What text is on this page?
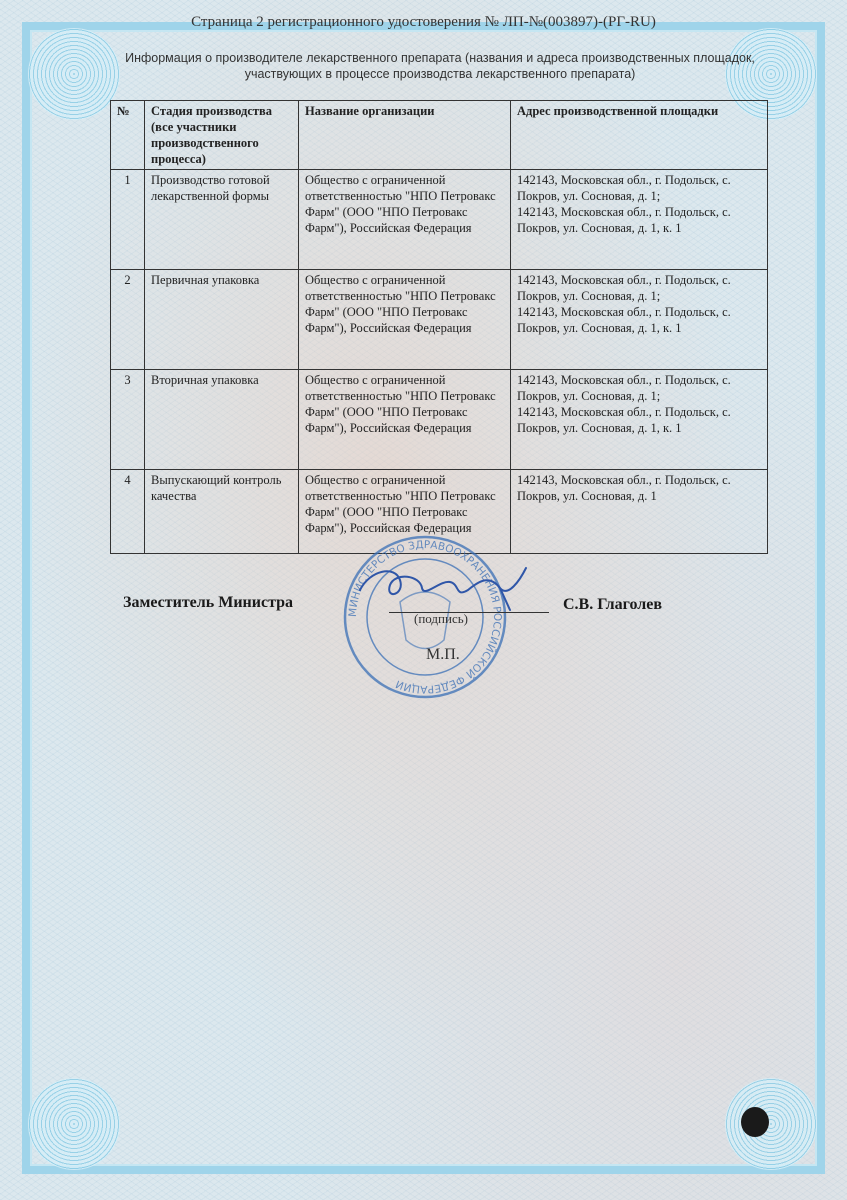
Страница 2 регистрационного удостоверения № ЛП-№(003897)-(РГ-RU)
Информация о производителе лекарственного препарата (названия и адреса производственных площадок,
участвующих в процессе производства лекарственного препарата)
№	Стадия производства (все участники производственного процесса)	Название организации	Адрес производственной площадки
1	Производство готовой лекарственной формы	Общество с ограниченной ответственностью "НПО Петровакс Фарм" (ООО "НПО Петровакс Фарм"), Российская Федерация	142143, Московская обл., г. Подольск, с. Покров, ул. Сосновая, д. 1;
142143, Московская обл., г. Подольск, с. Покров, ул. Сосновая, д. 1, к. 1

2	Первичная упаковка	Общество с ограниченной ответственностью "НПО Петровакс Фарм" (ООО "НПО Петровакс Фарм"), Российская Федерация	142143, Московская обл., г. Подольск, с. Покров, ул. Сосновая, д. 1;
142143, Московская обл., г. Подольск, с. Покров, ул. Сосновая, д. 1, к. 1

3	Вторичная упаковка	Общество с ограниченной ответственностью "НПО Петровакс Фарм" (ООО "НПО Петровакс Фарм"), Российская Федерация	142143, Московская обл., г. Подольск, с. Покров, ул. Сосновая, д. 1;
142143, Московская обл., г. Подольск, с. Покров, ул. Сосновая, д. 1, к. 1

4	Выпускающий контроль качества	Общество с ограниченной ответственностью "НПО Петровакс Фарм" (ООО "НПО Петровакс Фарм"), Российская Федерация	142143, Московская обл., г. Подольск, с. Покров, ул. Сосновая, д. 1
МИНИСТЕРСТВО ЗДРАВООХРАНЕНИЯ РОССИЙСКОЙ ФЕДЕРАЦИИ
Заместитель Министра	С.В. Глаголев
(подпись)
М.П.
